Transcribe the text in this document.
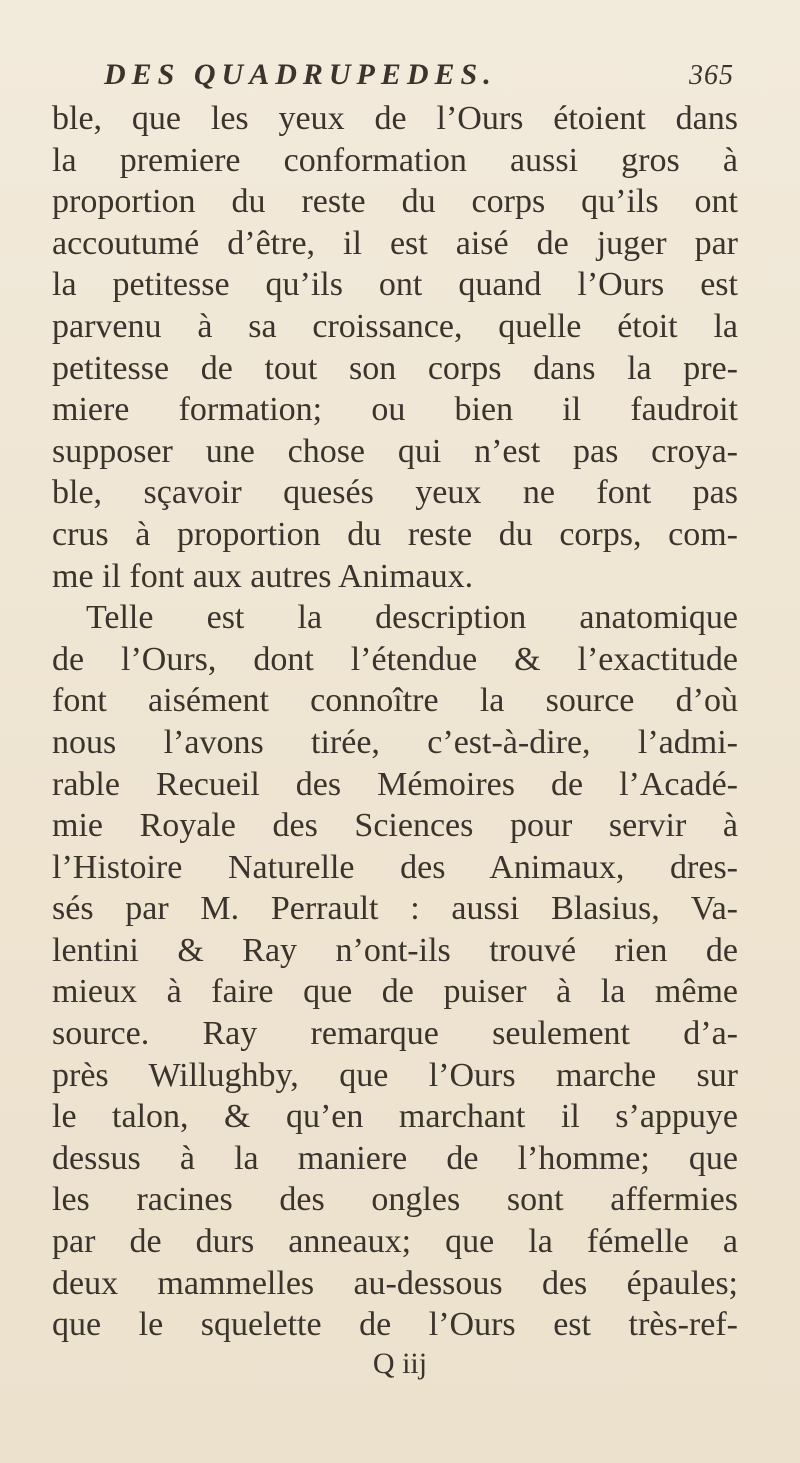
DES QUADRUPEDES.	365
ble, que les yeux de l’Ours étoient dans
la premiere conformation aussi gros à
proportion du reste du corps qu’ils ont
accoutumé d’être, il est aisé de juger par
la petitesse qu’ils ont quand l’Ours est
parvenu à sa croissance, quelle étoit la
petitesse de tout son corps dans la pre-
miere formation; ou bien il faudroit
supposer une chose qui n’est pas croya-
ble, sçavoir quesés yeux ne font pas
crus à proportion du reste du corps, com-
me il font aux autres Animaux.
Telle est la description anatomique
de l’Ours, dont l’étendue & l’exactitude
font aisément connoître la source d’où
nous l’avons tirée, c’est-à-dire, l’admi-
rable Recueil des Mémoires de l’Acadé-
mie Royale des Sciences pour servir à
l’Histoire Naturelle des Animaux, dres-
sés par M. Perrault : aussi Blasius, Va-
lentini & Ray n’ont-ils trouvé rien de
mieux à faire que de puiser à la même
source. Ray remarque seulement d’a-
près Willughby, que l’Ours marche sur
le talon, & qu’en marchant il s’appuye
dessus à la maniere de l’homme; que
les racines des ongles sont affermies
par de durs anneaux; que la fémelle a
deux mammelles au-dessous des épaules;
que le squelette de l’Ours est très-ref-
Q iij
